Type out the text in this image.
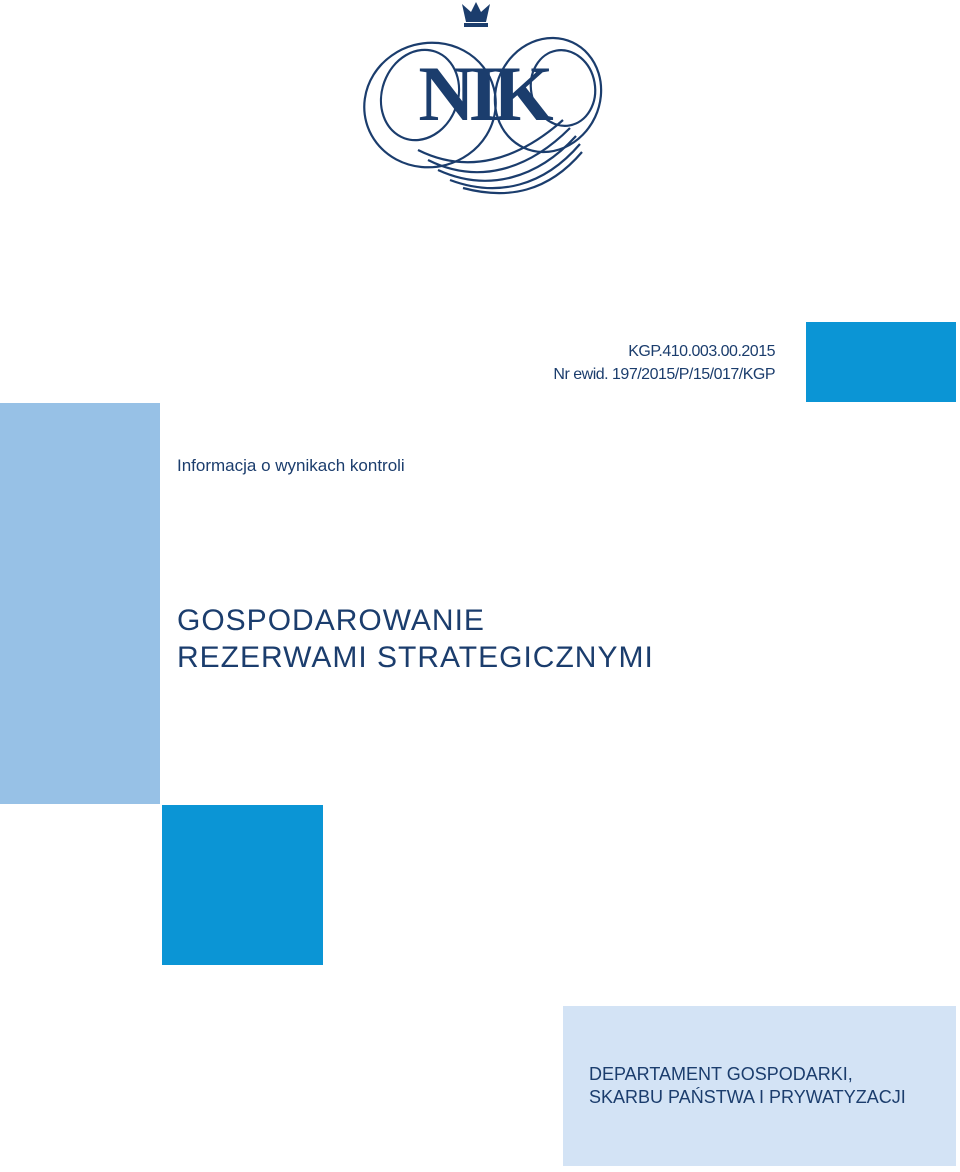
NIK
KGP.410.003.00.2015
Nr ewid. 197/2015/P/15/017/KGP
Informacja o wynikach kontroli
GOSPODAROWANIE
REZERWAMI STRATEGICZNYMI
DEPARTAMENT GOSPODARKI,
SKARBU PAŃSTWA I PRYWATYZACJI
